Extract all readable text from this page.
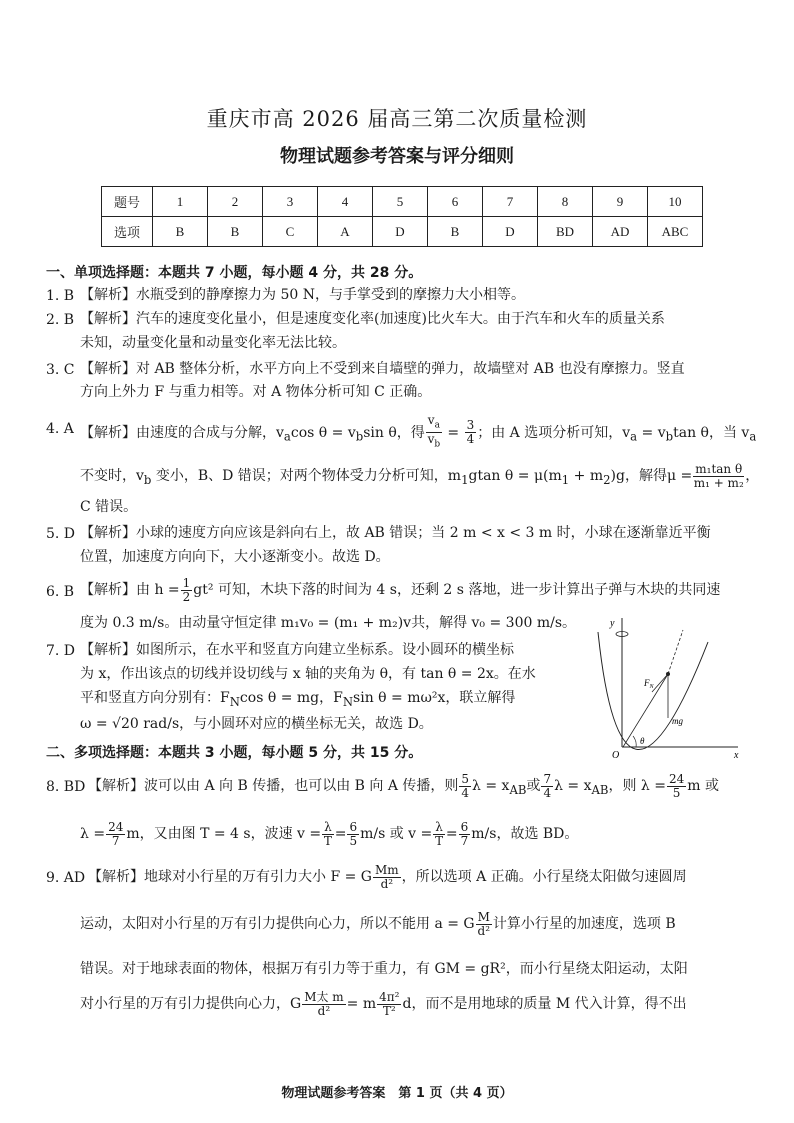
重庆市高 2026 届高三第二次质量检测
物理试题参考答案与评分细则
题号	1	2	3	4	5	6	7	8	9	10
选项	B	B	C	A	D	B	D	BD	AD	ABC
一、单项选择题：本题共 7 小题，每小题 4 分，共 28 分。
1. B 【解析】水瓶受到的静摩擦力为 50 N，与手掌受到的摩擦力大小相等。
2. B 【解析】汽车的速度变化量小，但是速度变化率(加速度)比火车大。由于汽车和火车的质量关系
未知，动量变化量和动量变化率无法比较。
3. C 【解析】对 AB 整体分析，水平方向上不受到来自墙壁的弹力，故墙壁对 AB 也没有摩擦力。竖直
方向上外力 F 与重力相等。对 A 物体分析可知 C 正确。
4. A 【解析】由速度的合成与分解，$v_a\cos$ $\theta = v_b\sin$ θ，得 $\frac{v_a}{v_b} = \frac{3}{4}$ ；由 A 选项分析可知，$v_a = v_b\tan$ θ，当 $v_a$
不变时，$v_b$ 变小，B、D 错误；对两个物体受力分析可知，$m_1gtan$ $\theta = \mu(m_1 + m_2)g$，解得$\mu = \frac{\text{m₁tan θ}}{\text{m₁ + m₂}}$ ，
C 错误。
5. D 【解析】小球的速度方向应该是斜向右上，故 AB 错误；当 2 m < x < 3 m 时，小球在逐渐靠近平衡
位置，加速度方向向下，大小逐渐变小。故选 D。
6. B 【解析】由 $h = \frac{1}{2} gt^2$ 可知，木块下落的时间为 4 s，还剩 2 s 落地，进一步计算出子弹与木块的共同速
度为 0.3 m/s。由动量守恒定律 m₁v₀ = (m₁ + m₂)v共，解得 v₀ = 300 m/s。
7. D 【解析】如图所示，在水平和竖直方向建立坐标系。设小圆环的横坐标
为 x，作出该点的切线并设切线与 x 轴的夹角为 θ，有 tan θ = 2x。在水
平和竖直方向分别有：$F_N\cos$ θ = mg，$F_N\sin$ θ = mω²x，联立解得
ω = √20 rad/s，与小圆环对应的横坐标无关，故选 D。
y
x
O
θ
mg
$F_N$
二、多项选择题：本题共 3 小题，每小题 5 分，共 15 分。
8. BD 【解析】波可以由 A 向 B 传播，也可以由 B 向 A 传播，则 $\frac{5}{4}$ $\lambda = x_{AB}$或 $\frac{7}{4}$ $\lambda = x_{AB}$，则 $\lambda = \frac{24}{5}$ m 或
$\lambda = \frac{24}{7}$ m，又由图 T = 4 s，波速 $v = \frac{\lambda}{T} = \frac{6}{5} m/s$ 或 $v = \frac{\lambda}{T} = \frac{6}{7} m/s$，故选 BD。
9. AD 【解析】地球对小行星的万有引力大小 F = G $\frac{Mm}{\text{d²}}$ ，所以选项 A 正确。小行星绕太阳做匀速圆周
运动，太阳对小行星的万有引力提供向心力，所以不能用 a = G $\frac{M}{\text{d²}}$ 计算小行星的加速度，选项 B
错误。对于地球表面的物体，根据万有引力等于重力，有 GM = gR²，而小行星绕太阳运动，太阳
对小行星的万有引力提供向心力，G $\frac{\text{M太 m}}{\text{d²}} = m \frac{\text{4π²}}{\text{T²}}$ d，而不是用地球的质量 M 代入计算，得不出
物理试题参考答案　第 1 页（共 4 页）
